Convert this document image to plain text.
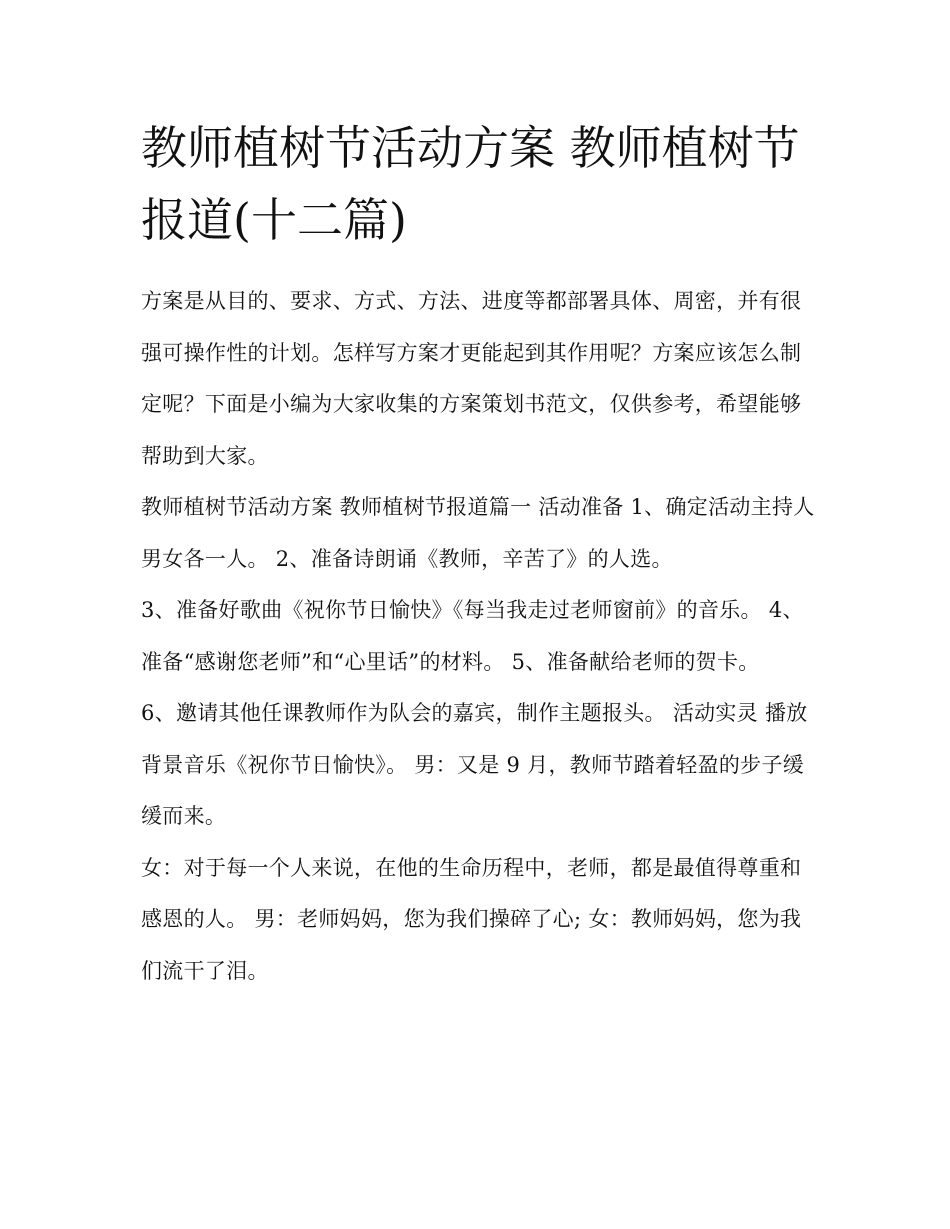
教师植树节活动方案 教师植树节报道(十二篇)

方案是从目的、要求、方式、方法、进度等都部署具体、周密，并有很强可操作性的计划。怎样写方案才更能起到其作用呢？方案应该怎么制定呢？下面是小编为大家收集的方案策划书范文，仅供参考，希望能够帮助到大家。

教师植树节活动方案 教师植树节报道篇一 活动准备 1、确定活动主持人男女各一人。 2、准备诗朗诵《教师，辛苦了》的人选。

3、准备好歌曲《祝你节日愉快》《每当我走过老师窗前》的音乐。 4、准备“感谢您老师”和“心里话”的材料。 5、准备献给老师的贺卡。

6、邀请其他任课教师作为队会的嘉宾，制作主题报头。 活动实灵 播放背景音乐《祝你节日愉快》。 男：又是 9 月，教师节踏着轻盈的步子缓缓而来。

女：对于每一个人来说，在他的生命历程中，老师，都是最值得尊重和感恩的人。 男：老师妈妈，您为我们操碎了心; 女：教师妈妈，您为我们流干了泪。
